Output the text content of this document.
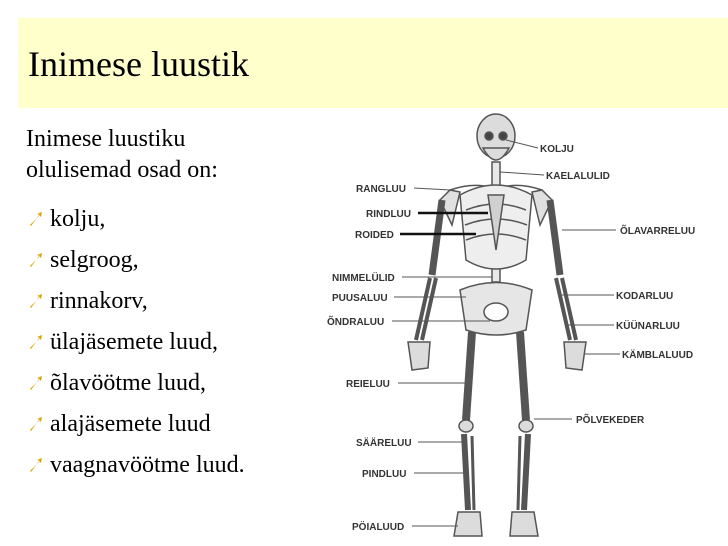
Inimese luustik
Inimese luustiku
olulisemad osad on:
kolju,
selgroog,
rinnakorv,
ülajäsemete luud,
õlavöötme luud,
alajäsemete luud
vaagnavöötme luud.
KOLJU
KAELALULID
RANGLUU
RINDLUU
ROIDED	ÕLAVARRELUU
NIMMELÜLID
PUUSALUU
ÕNDRALUU
KODARLUU
KÜÜNARLUU
KÄMBLALUUD
REIELUU
PÕLVEKEDER
SÄÄRELUU
PINDLUU
PÖIALUUD
